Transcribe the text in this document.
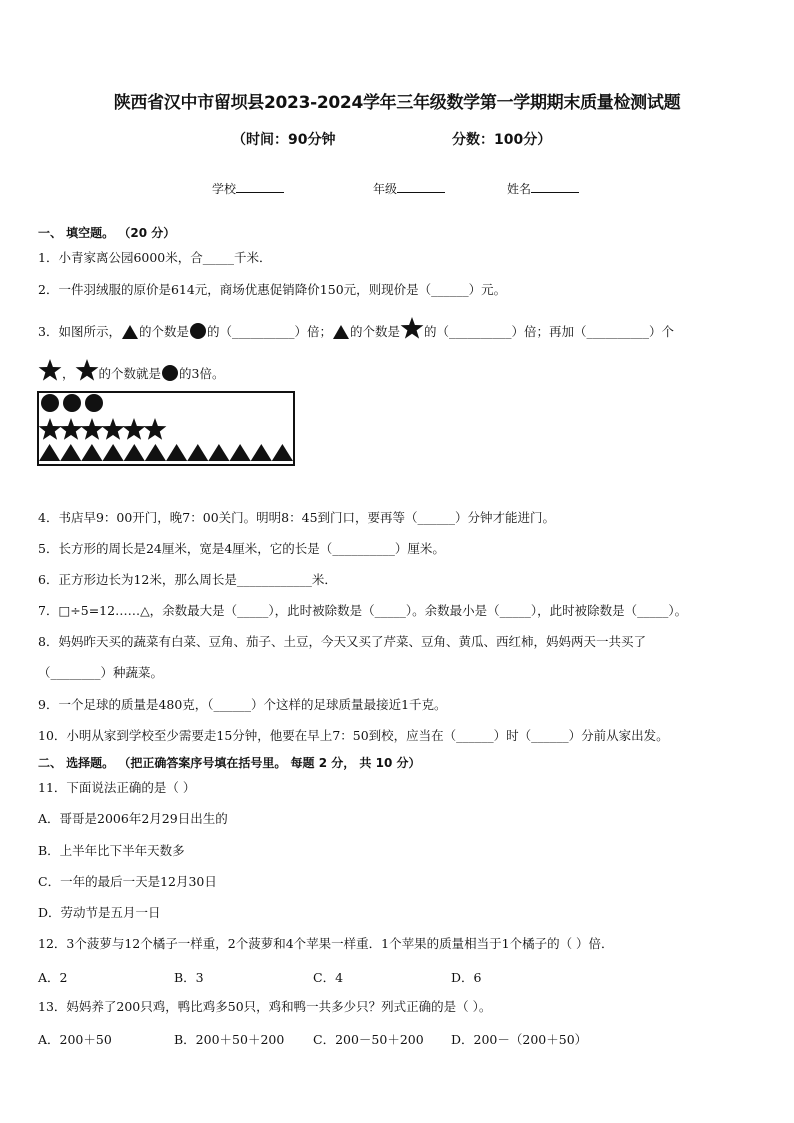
陕西省汉中市留坝县2023-2024学年三年级数学第一学期期末质量检测试题
（时间：90分钟	分数：100分）
学校	年级	姓名
一、 填空题。 （20 分）
1．小青家离公园6000米，合_____千米．
2．一件羽绒服的原价是614元，商场优惠促销降价150元，则现价是（______）元。
3．如图所示， 的个数是 的（__________）倍； 的个数是 的（__________）倍；再加（__________）个
， 的个数就是 的3倍。
4．书店早9：00开门，晚7：00关门。明明8：45到门口，要再等（______）分钟才能进门。
5．长方形的周长是24厘米，宽是4厘米，它的长是（__________）厘米。
6．正方形边长为12米，那么周长是____________米．
7．□÷5=12……△，余数最大是（_____），此时被除数是（_____）。余数最小是（_____），此时被除数是（_____）。
8．妈妈昨天买的蔬菜有白菜、豆角、茄子、土豆，今天又买了芹菜、豆角、黄瓜、西红柿，妈妈两天一共买了
（________）种蔬菜。
9．一个足球的质量是480克，（______）个这样的足球质量最接近1千克。
10．小明从家到学校至少需要走15分钟，他要在早上7：50到校，应当在（______）时（______）分前从家出发。
二、 选择题。 （把正确答案序号填在括号里。 每题 2 分， 共 10 分）
11．下面说法正确的是（ ）
A．哥哥是2006年2月29日出生的
B．上半年比下半年天数多
C．一年的最后一天是12月30日
D．劳动节是五月一日
12．3个菠萝与12个橘子一样重，2个菠萝和4个苹果一样重．1个苹果的质量相当于1个橘子的（ ）倍．
A．2	B．3	C．4	D．6
13．妈妈养了200只鸡，鸭比鸡多50只，鸡和鸭一共多少只？列式正确的是（ ）。
A．200＋50	B．200＋50＋200 C．200－50＋200 D．200－（200＋50）
